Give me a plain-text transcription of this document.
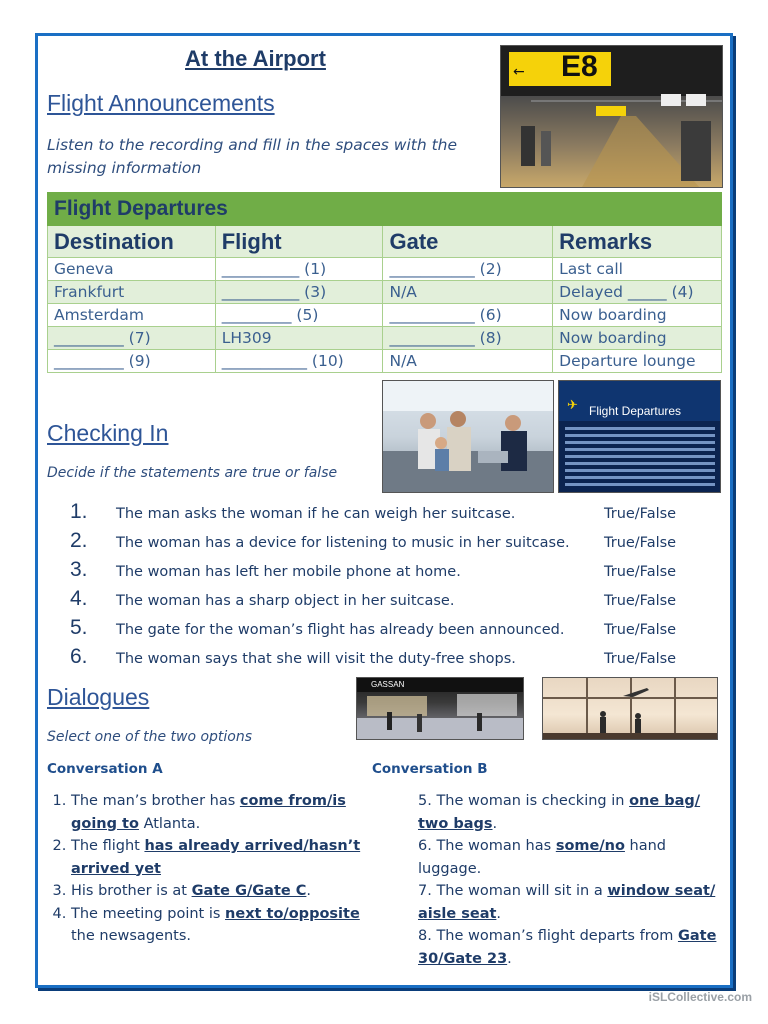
At the Airport
Flight Announcements
Listen to the recording and fill in the spaces with the missing information
← E8
Flight Departures			
Destination	Flight	Gate	Remarks
Geneva	__________ (1)	___________ (2)	Last call
Frankfurt	__________ (3)	N/A	Delayed _____ (4)
Amsterdam	_________ (5)	___________ (6)	Now boarding
_________ (7)	LH309	___________ (8)	Now boarding
_________ (9)	___________ (10)	N/A	Departure lounge
✈ Flight Departures
Checking In
Decide if the statements are true or false
1. The man asks the woman if he can weigh her suitcase.	True/False
2. The woman has a device for listening to music in her suitcase. True/False
3. The woman has left her mobile phone at home.	True/False
4. The woman has a sharp object in her suitcase.	True/False
5. The gate for the woman’s flight has already been announced.	True/False
6. The woman says that she will visit the duty-free shops.	True/False
Dialogues
Select one of the two options
GASSAN
Conversation A
1. The man’s brother has come from/is going to Atlanta.
2. The flight has already arrived/hasn’t arrived yet
3. His brother is at Gate G/Gate C.
4. The meeting point is next to/opposite the newsagents.
Conversation B
5. The woman is checking in one bag/ two bags.
6. The woman has some/no hand luggage.
7. The woman will sit in a window seat/ aisle seat.
8. The woman’s flight departs from Gate 30/Gate 23.
iSLCollective.com
